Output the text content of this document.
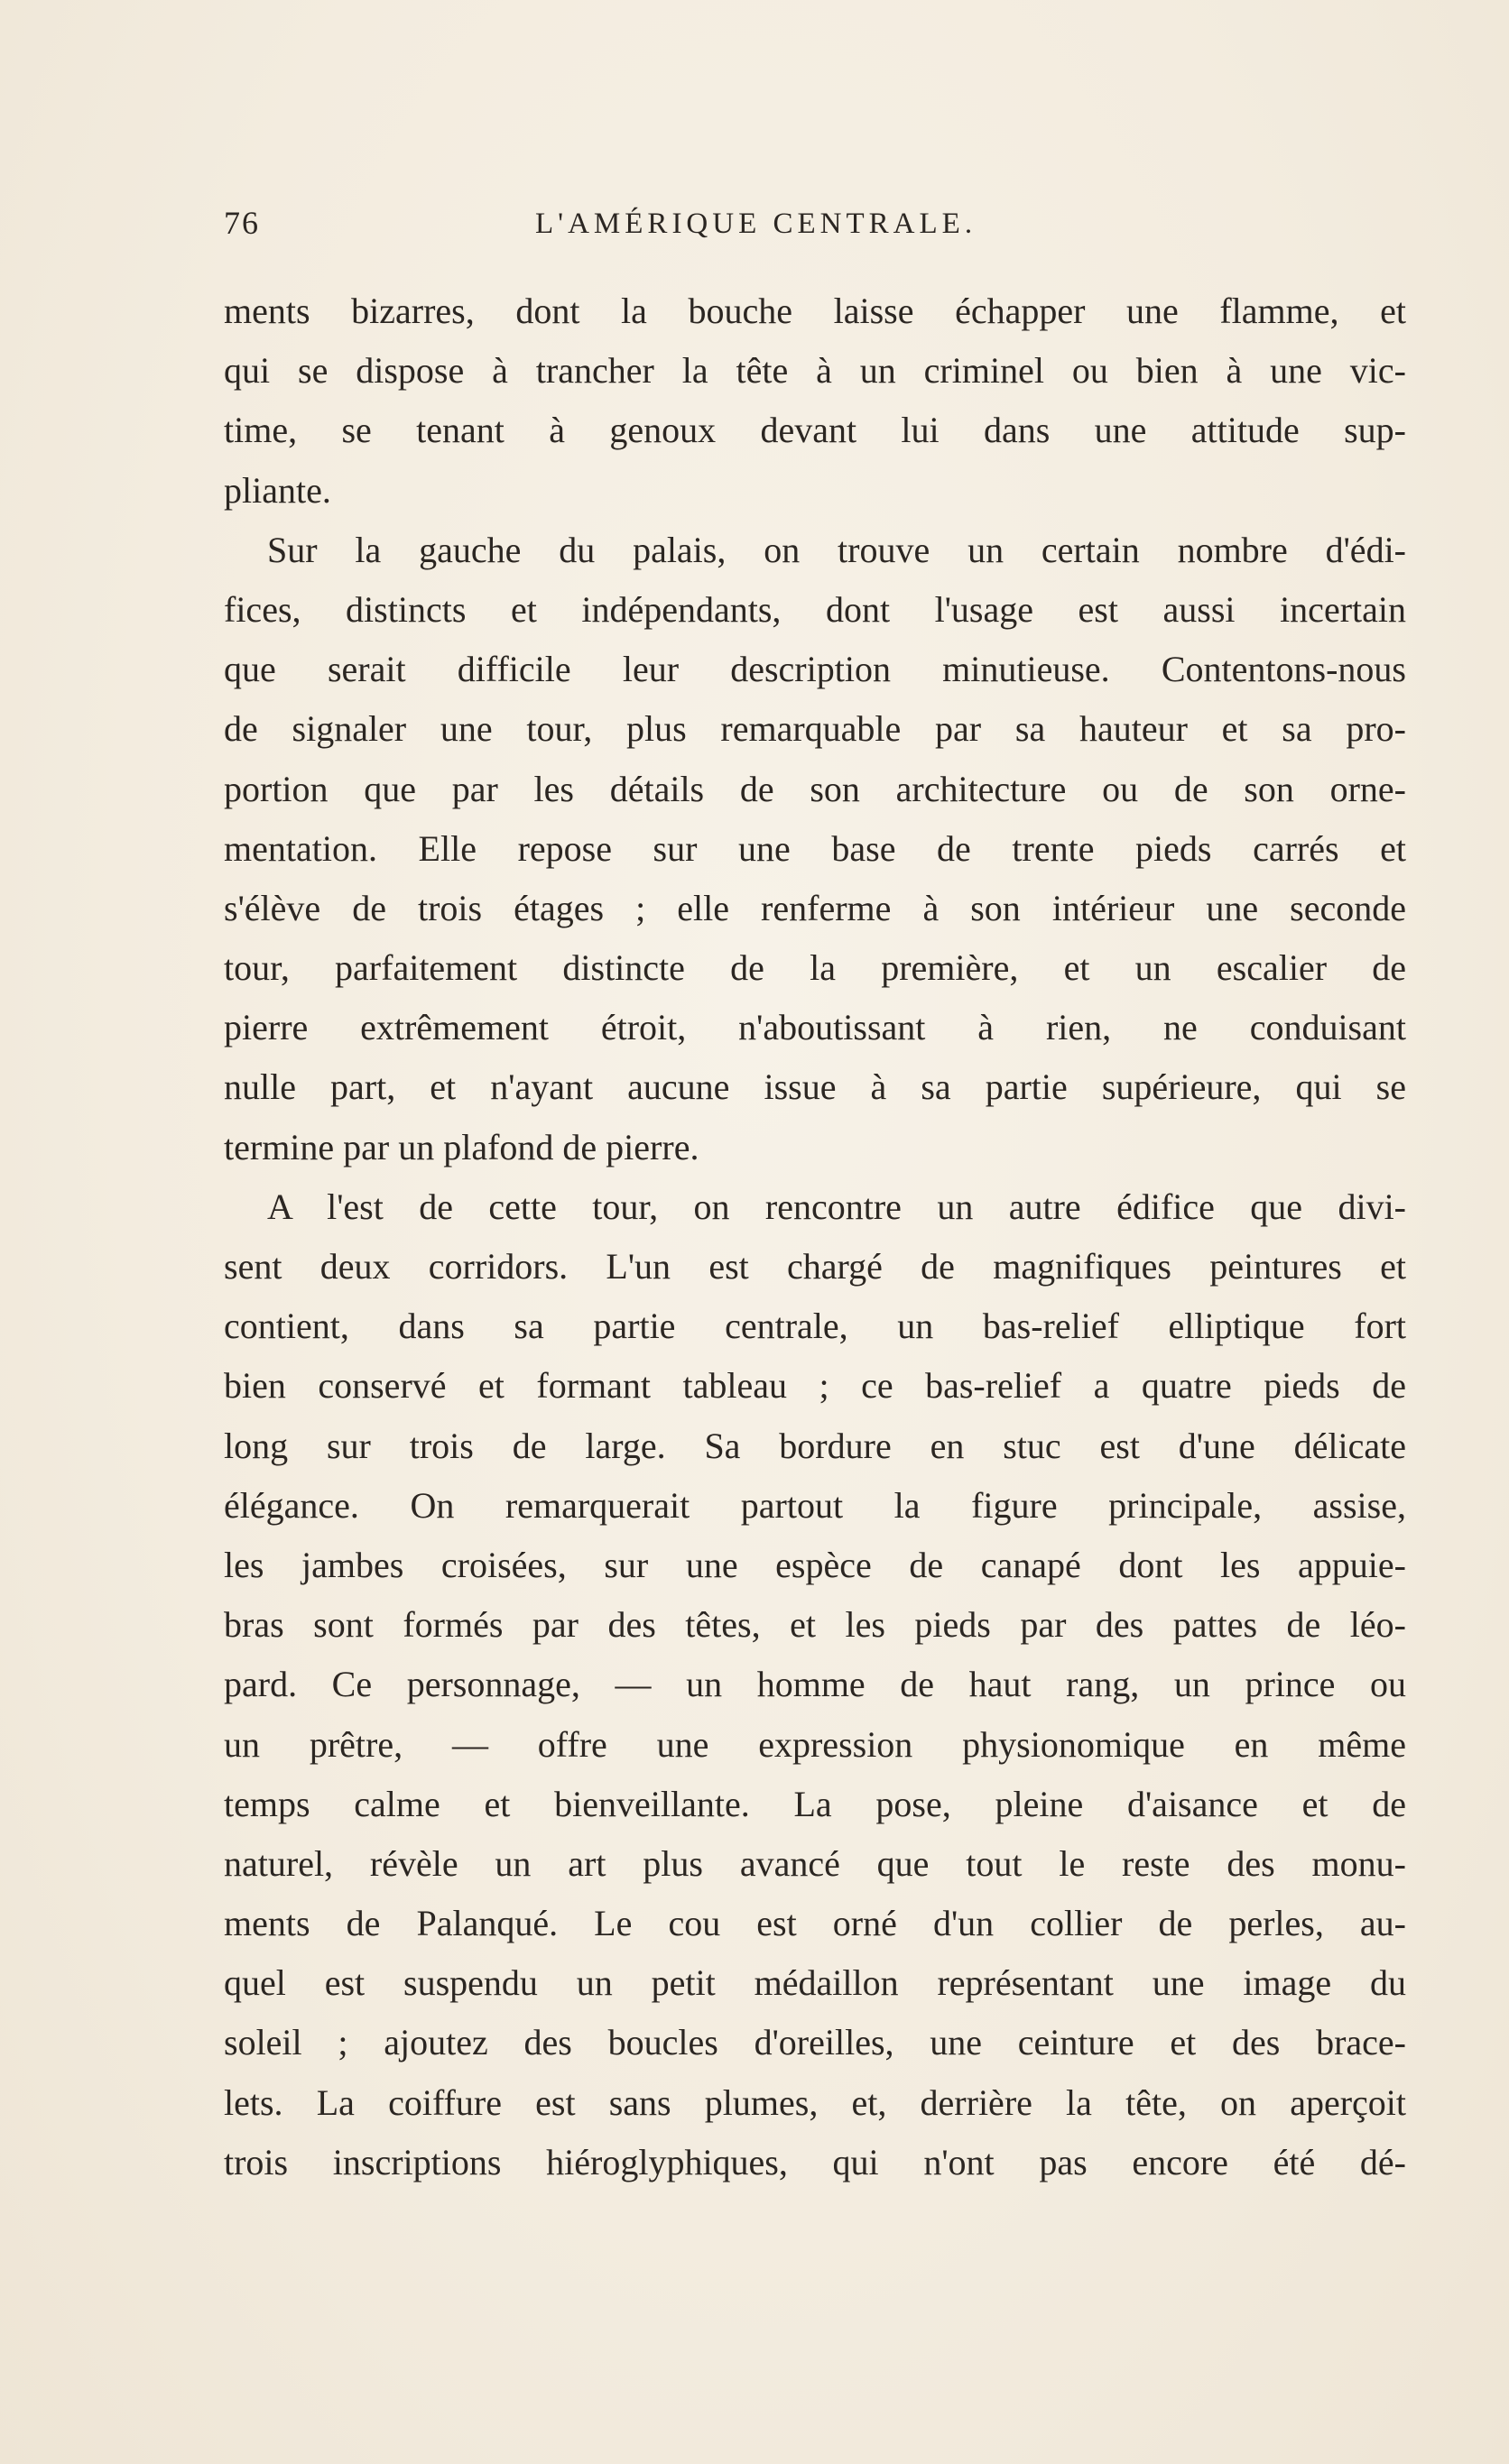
76	L'AMÉRIQUE CENTRALE.
ments bizarres, dont la bouche laisse échapper une flamme, et
qui se dispose à trancher la tête à un criminel ou bien à une vic-
time, se tenant à genoux devant lui dans une attitude sup-
pliante.
Sur la gauche du palais, on trouve un certain nombre d'édi-
fices, distincts et indépendants, dont l'usage est aussi incertain
que serait difficile leur description minutieuse. Contentons-nous
de signaler une tour, plus remarquable par sa hauteur et sa pro-
portion que par les détails de son architecture ou de son orne-
mentation. Elle repose sur une base de trente pieds carrés et
s'élève de trois étages ; elle renferme à son intérieur une seconde
tour, parfaitement distincte de la première, et un escalier de
pierre extrêmement étroit, n'aboutissant à rien, ne conduisant
nulle part, et n'ayant aucune issue à sa partie supérieure, qui se
termine par un plafond de pierre.
A l'est de cette tour, on rencontre un autre édifice que divi-
sent deux corridors. L'un est chargé de magnifiques peintures et
contient, dans sa partie centrale, un bas-relief elliptique fort
bien conservé et formant tableau ; ce bas-relief a quatre pieds de
long sur trois de large. Sa bordure en stuc est d'une délicate
élégance. On remarquerait partout la figure principale, assise,
les jambes croisées, sur une espèce de canapé dont les appuie-
bras sont formés par des têtes, et les pieds par des pattes de léo-
pard. Ce personnage, — un homme de haut rang, un prince ou
un prêtre, — offre une expression physionomique en même
temps calme et bienveillante. La pose, pleine d'aisance et de
naturel, révèle un art plus avancé que tout le reste des monu-
ments de Palanqué. Le cou est orné d'un collier de perles, au-
quel est suspendu un petit médaillon représentant une image du
soleil ; ajoutez des boucles d'oreilles, une ceinture et des brace-
lets. La coiffure est sans plumes, et, derrière la tête, on aperçoit
trois inscriptions hiéroglyphiques, qui n'ont pas encore été dé-
